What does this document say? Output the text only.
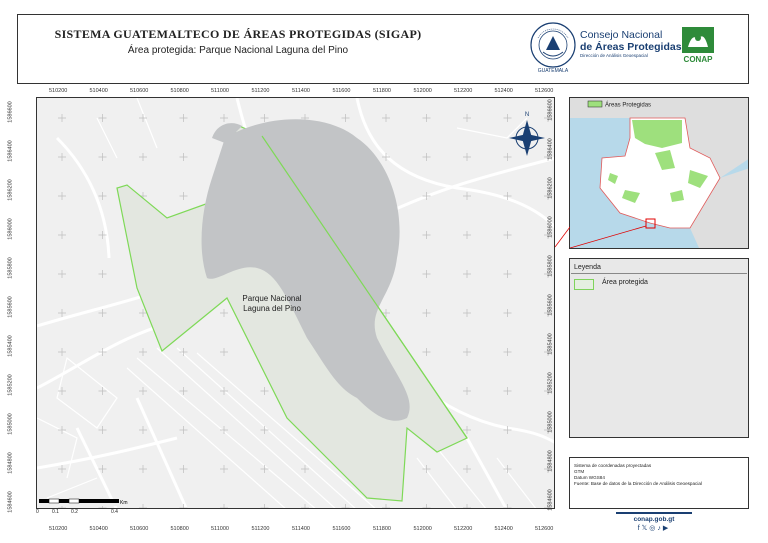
SISTEMA GUATEMALTECO DE ÁREAS PROTEGIDAS (SIGAP)
Área protegida: Parque Nacional Laguna del Pino
GUATEMALA
Consejo Nacional
de Áreas Protegidas
Dirección de Análisis Geoespacial	CONAP
Parque Nacional
Laguna del Pino
N
Km
0	0.1 0.2	0.4
Áreas Protegidas
Leyenda
Área protegida
Sistema de coordenadas proyectadas
GTM
Datum WGS84
Fuente: Base de datos de la Dirección de Análisis Geoespacial
conap.gob.gt
f𝕏◎♪▶
510200
510200
510400
510400
510600
510600
510800
510800
511000
511000
511200
511200
511400
511400
511600
511600
511800
511800
512000
512000
512200
512200
512400
512400
512600
512600
1584600
1584800
1585000
1585200
1585400
1585600
1585800
1586000
1586200
1586400
1586600	1586600
1586400
1586200
1586000
1585800
1585600
1585400
1585200
1585000
1584800
1584600
